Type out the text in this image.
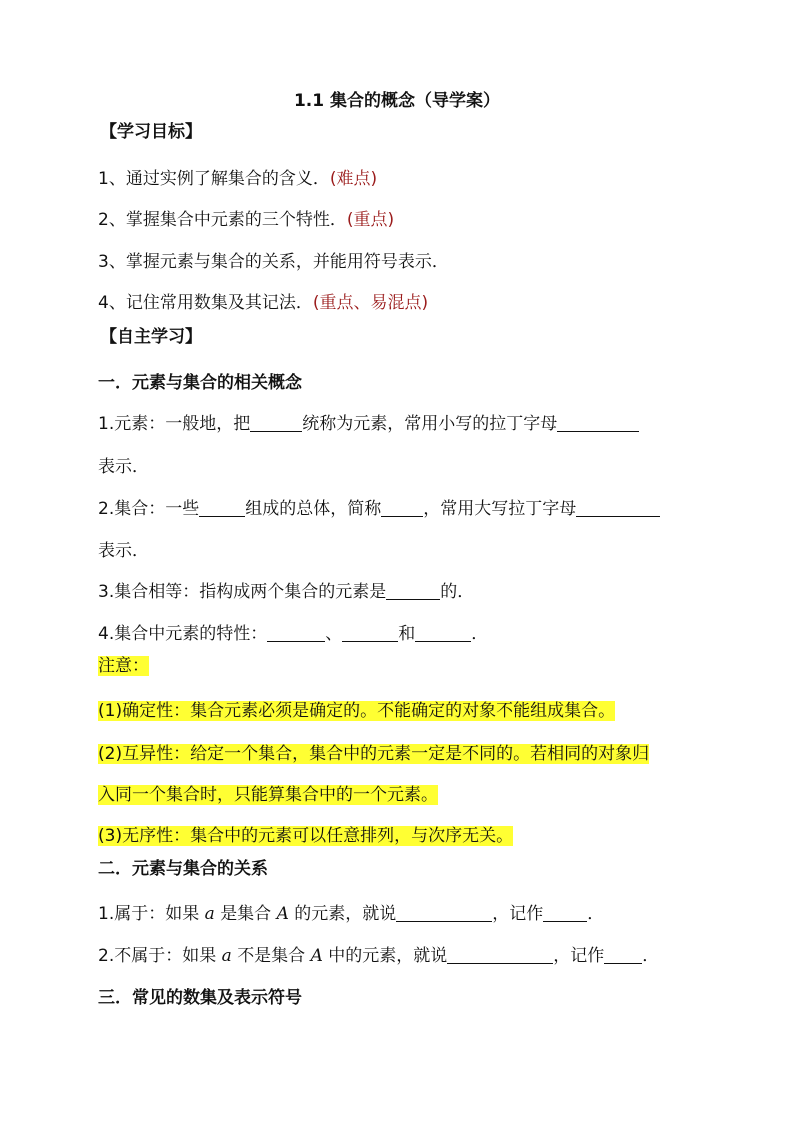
1.1 集合的概念（导学案）
【学习目标】
1、通过实例了解集合的含义．(难点)
2、掌握集合中元素的三个特性．(重点)
3、掌握元素与集合的关系，并能用符号表示．
4、记住常用数集及其记法．(重点、易混点)
【自主学习】
一．元素与集合的相关概念
1.元素：一般地，把	统称为元素，常用小写的拉丁字母
表示．
2.集合：一些	组成的总体，简称 ，常用大写拉丁字母
表示．
3.集合相等：指构成两个集合的元素是	的．
4.集合中元素的特性：	、	和	．
注意：
(1)确定性：集合元素必须是确定的。不能确定的对象不能组成集合。
(2)互异性：给定一个集合，集合中的元素一定是不同的。若相同的对象归
入同一个集合时，只能算集合中的一个元素。
(3)无序性：集合中的元素可以任意排列，与次序无关。
二．元素与集合的关系
1.属于：如果 a 是集合 A 的元素，就说	，记作	．
2.不属于：如果 a 不是集合 A 中的元素，就说	，记作 ．
三．常见的数集及表示符号
